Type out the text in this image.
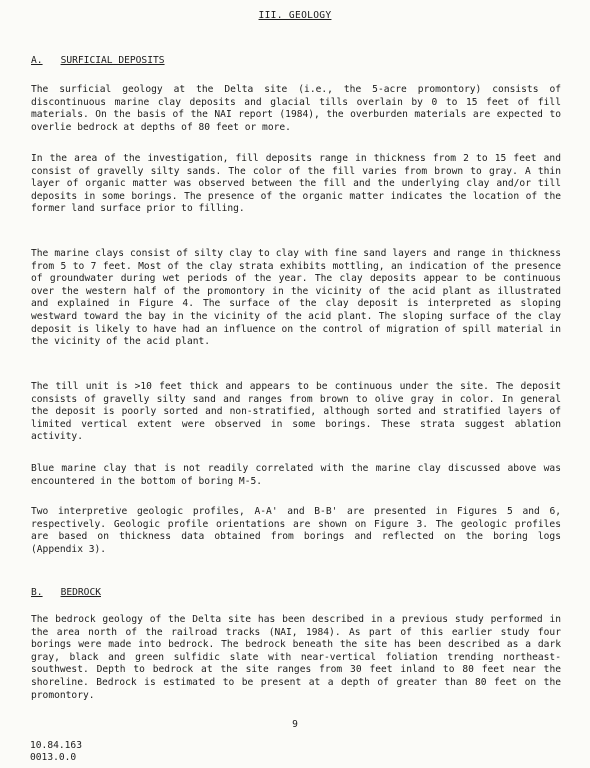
III. GEOLOGY
A. SURFICIAL DEPOSITS

The surficial geology at the Delta site (i.e., the 5-acre promontory) consists of discontinuous marine clay deposits and glacial tills overlain by 0 to 15 feet of fill materials. On the basis of the NAI report (1984), the overburden materials are expected to overlie bedrock at depths of 80 feet or more.

In the area of the investigation, fill deposits range in thickness from 2 to 15 feet and consist of gravelly silty sands. The color of the fill varies from brown to gray. A thin layer of organic matter was observed between the fill and the underlying clay and/or till deposits in some borings. The presence of the organic matter indicates the location of the former land surface prior to filling.

The marine clays consist of silty clay to clay with fine sand layers and range in thickness from 5 to 7 feet. Most of the clay strata exhibits mottling, an indication of the presence of groundwater during wet periods of the year. The clay deposits appear to be continuous over the western half of the promontory in the vicinity of the acid plant as illustrated and explained in Figure 4. The surface of the clay deposit is interpreted as sloping westward toward the bay in the vicinity of the acid plant. The sloping surface of the clay deposit is likely to have had an influence on the control of migration of spill material in the vicinity of the acid plant.

The till unit is >10 feet thick and appears to be continuous under the site. The deposit consists of gravelly silty sand and ranges from brown to olive gray in color. In general the deposit is poorly sorted and non-stratified, although sorted and stratified layers of limited vertical extent were observed in some borings. These strata suggest ablation activity.

Blue marine clay that is not readily correlated with the marine clay discussed above was encountered in the bottom of boring M-5.

Two interpretive geologic profiles, A-A' and B-B' are presented in Figures 5 and 6, respectively. Geologic profile orientations are shown on Figure 3. The geologic profiles are based on thickness data obtained from borings and reflected on the boring logs (Appendix 3).

B. BEDROCK

The bedrock geology of the Delta site has been described in a previous study performed in the area north of the railroad tracks (NAI, 1984). As part of this earlier study four borings were made into bedrock. The bedrock beneath the site has been described as a dark gray, black and green sulfidic slate with near-vertical foliation trending northeast-southwest. Depth to bedrock at the site ranges from 30 feet inland to 80 feet near the shoreline. Bedrock is estimated to be present at a depth of greater than 80 feet on the promontory.

9
10.84.163
0013.0.0
